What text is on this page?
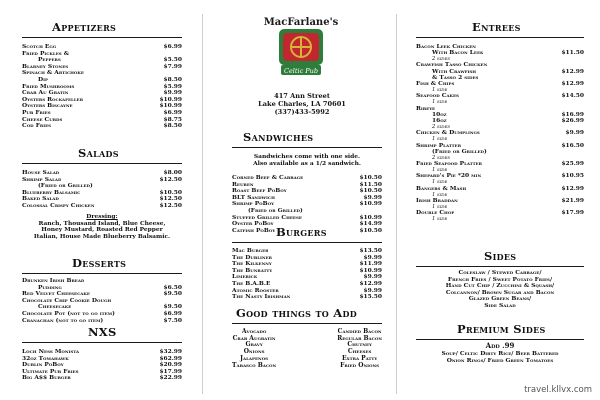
Appetizers
Scotch Egg	$6.99
Fried Pickles &
Peppers	$5.50
Blarney Stones	$7.99
Spinach & Artichoke
Dip	$8.50
Fried Mushrooms	$5.99
Crab Au Gratin	$9.99
Oysters Rockafeller	$10.99
Oysters Biscayne	$10.99
Pub Fries	$6.99
Cheese Curds	$8.75
Cod Fries	$8.50
Salads
House Salad	$8.00
Shrimp Salad	$12.50
(Fried or Grilled)
Blueberry Balsamic	$10.50
Baked Salad	$12.50
Colossal Crispy Chicken	$12.50
Dressing:
Ranch, Thousand Island, Blue Cheese,
Honey Mustard, Roasted Red Pepper
Italian, House Made Blueberry Balsamic.
Desserts
Drunken Irish Bread
Pudding	$6.50
Red Velvet Cheesecake	$9.50
Chocolate Chip Cookie Dough
Cheesecake	$9.50
Chocolate Pot (not to go item)	$6.99
Cranachan (not to go item)	$7.50
NXS
Loch Ness Monista	$32.99
32oz Tomahawk	$62.99
Dublin PoBoy	$20.99
Ultimate Pub Fries	$17.99
Big A$$ Burger	$22.99
MacFarlane's
Celtic Pub
417 Ann Street
Lake Charles, LA 70601
(337)433-5992
Sandwiches
Sandwiches come with one side.
Also available as a 1/2 sandwich.
Corned Beef & Cabbage	$10.50
Reuben	$11.50
Roast Beef PoBoy	$10.50
BLT Sandwich	$9.99
Shrimp PoBoy	$10.99
(Fried or Grilled)
Stuffed Grilled Cheese	$10.99
Oyster PoBoy	$14.99
Catfish PoBoy	$10.50
Burgers
Mac Burger	$13.50
The Dubliner	$9.99
The Kilkenny	$11.99
The Bunratty	$10.99
Limerick	$9.99
The B.A.B.E	$12.99
Atomic Rooster	$9.99
The Nasty Irishman	$15.50
Good things to Add
Avocado
Crab Augratin
Gravy
Onions
Jalapenos
Tabasco Bacon
Candied Bacon
Regular Bacon
Chutney
Cheeses
Extra Patty
Fried Onions
Entrees
Bacon Leek Chicken
With Bacon Leek	$11.50
2 sides
Crawfish Tasso Chicken
With Crawfish	$12.99
& Tasso 2 sides
Fish & Chips	$12.99
1 side
Seafood Cakes	$14.50
1 side
Ribeye
10oz	$16.99
16oz	$26.99
2 sides
Chicken & Dumplings	$9.99
1 side
Shrimp Platter	$16.50
(Fried or Grilled)
2 sides
Fried Seafood Platter	$25.99
1 side
Shepard's Pie *20 min	$10.95
1 side
Bangers & Mash	$12.99
1 side
Irish Braddan	$21.99
1 side
Double Chop	$17.99
1 side
Sides
Coleslaw / Stewed Cabbage/
French Fries / Sweet Potato Fries/
Hand Cut Chip / Zucchini & Squash/
Colcannon/ Brown Sugar and Bacon
Glazed Green Beans/
Side Salad
Premium Sides
Add .99
Soup/ Celtic Dirty Rice/ Beer Battered
Onion Rings/ Fried Green Tomatoes
travel.kllvx.com
